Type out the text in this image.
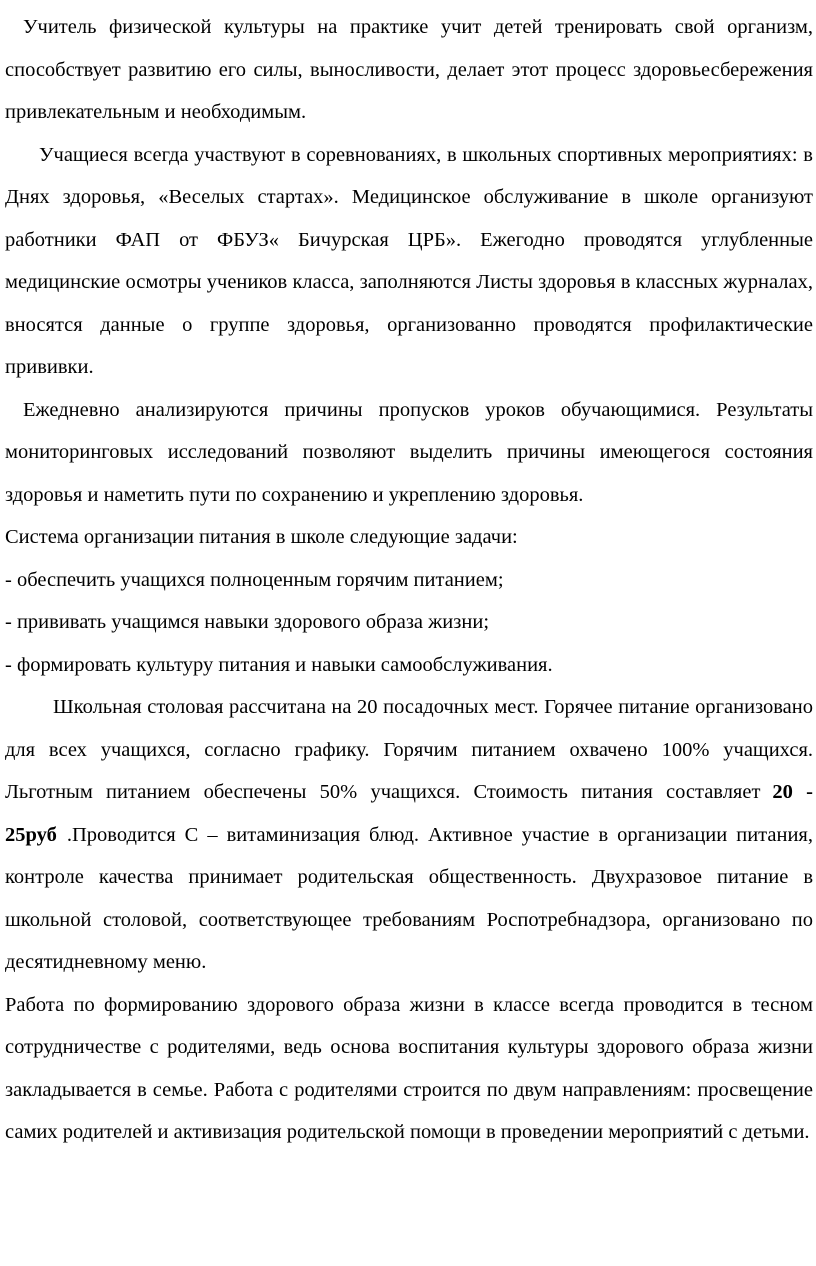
Учитель физической культуры на практике учит детей тренировать свой организм, способствует развитию его силы, выносливости, делает этот процесс здоровьесбережения привлекательным и необходимым.

Учащиеся всегда участвуют в соревнованиях, в школьных спортивных мероприятиях: в Днях здоровья, «Веселых стартах». Медицинское обслуживание в школе организуют работники ФАП от ФБУЗ« Бичурская ЦРБ». Ежегодно проводятся углубленные медицинские осмотры учеников класса, заполняются Листы здоровья в классных журналах, вносятся данные о группе здоровья, организованно проводятся профилактические прививки.

Ежедневно анализируются причины пропусков уроков обучающимися. Результаты мониторинговых исследований позволяют выделить причины имеющегося состояния здоровья и наметить пути по сохранению и укреплению здоровья.

Система организации питания в школе следующие задачи:

- обеспечить учащихся полноценным горячим питанием;

- прививать учащимся навыки здорового образа жизни;

- формировать культуру питания и навыки самообслуживания.

Школьная столовая рассчитана на 20 посадочных мест. Горячее питание организовано для всех учащихся, согласно графику. Горячим питанием охвачено 100% учащихся. Льготным питанием обеспечены 50% учащихся. Стоимость питания составляет 20 - 25руб .Проводится С – витаминизация блюд. Активное участие в организации питания, контроле качества принимает родительская общественность. Двухразовое питание в школьной столовой, соответствующее требованиям Роспотребнадзора, организовано по десятидневному меню.

Работа по формированию здорового образа жизни в классе всегда проводится в тесном сотрудничестве с родителями, ведь основа воспитания культуры здорового образа жизни закладывается в семье. Работа с родителями строится по двум направлениям: просвещение самих родителей и активизация родительской помощи в проведении мероприятий с детьми.
